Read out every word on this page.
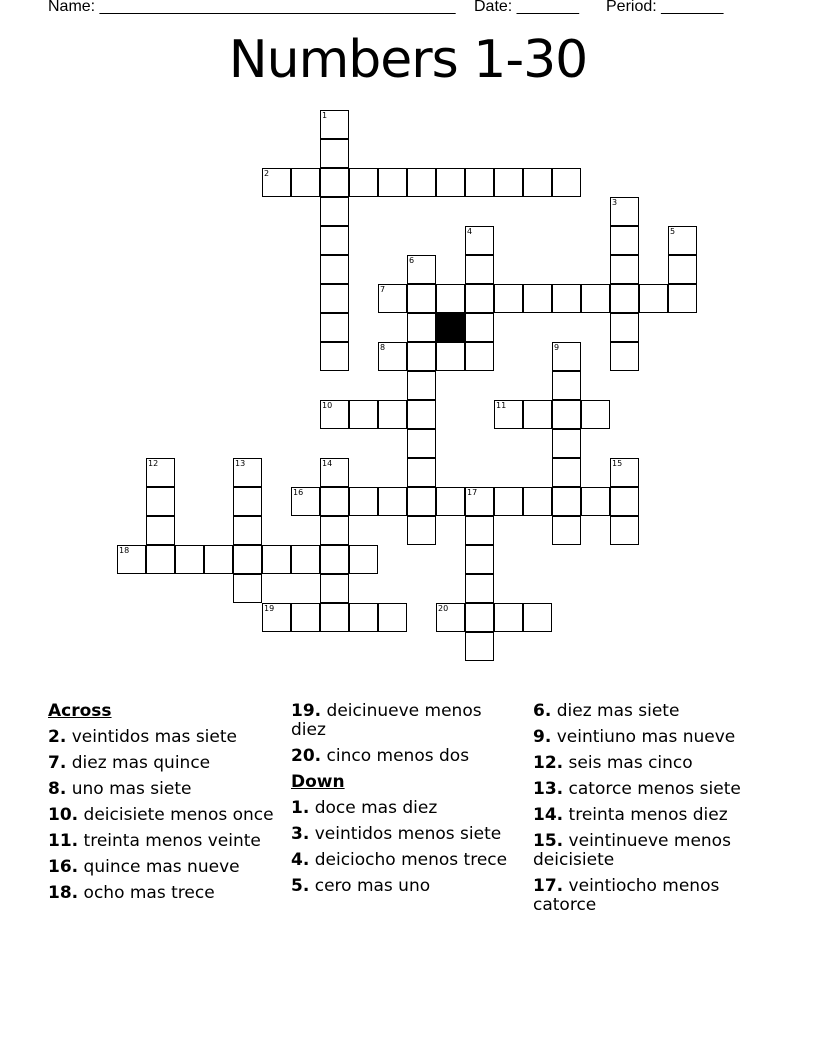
Name: ________________________________________ Date: _______ Period: _______
Numbers 1-30
1
2
3
4	5
6
7
8	9
10	11
12	13	14	15
16	17
18
19	20
Across
2. veintidos mas siete
7. diez mas quince
8. uno mas siete
10. deicisiete menos once
11. treinta menos veinte
16. quince mas nueve
18. ocho mas trece
19. deicinueve menos diez
20. cinco menos dos
Down
1. doce mas diez
3. veintidos menos siete
4. deiciocho menos trece
5. cero mas uno
6. diez mas siete
9. veintiuno mas nueve
12. seis mas cinco
13. catorce menos siete
14. treinta menos diez
15. veintinueve menos deicisiete
17. veintiocho menos catorce
